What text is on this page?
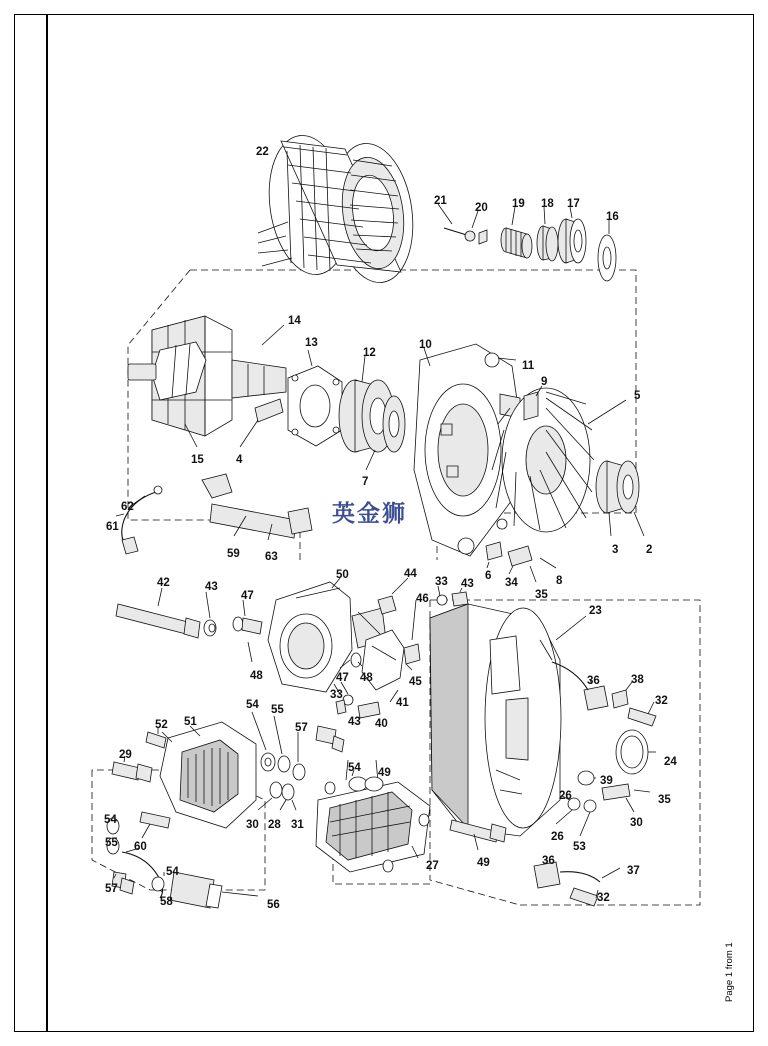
Page 1 from 1
英金狮
22
21
20 19 18 17
16
14
13
12
10
11
9
5
15	4
7
3 2
6
34
35
8
33 43
44
46
45
62
61
59 63
50
42	43
47
48	47 48
33
43 40
41
23
36	38
32
24
39
26	35
30
26
53
36
37
32
54 55
57
54 49
52 51
29
30 28 31
27	49
54
55 60
57
54
58	56
